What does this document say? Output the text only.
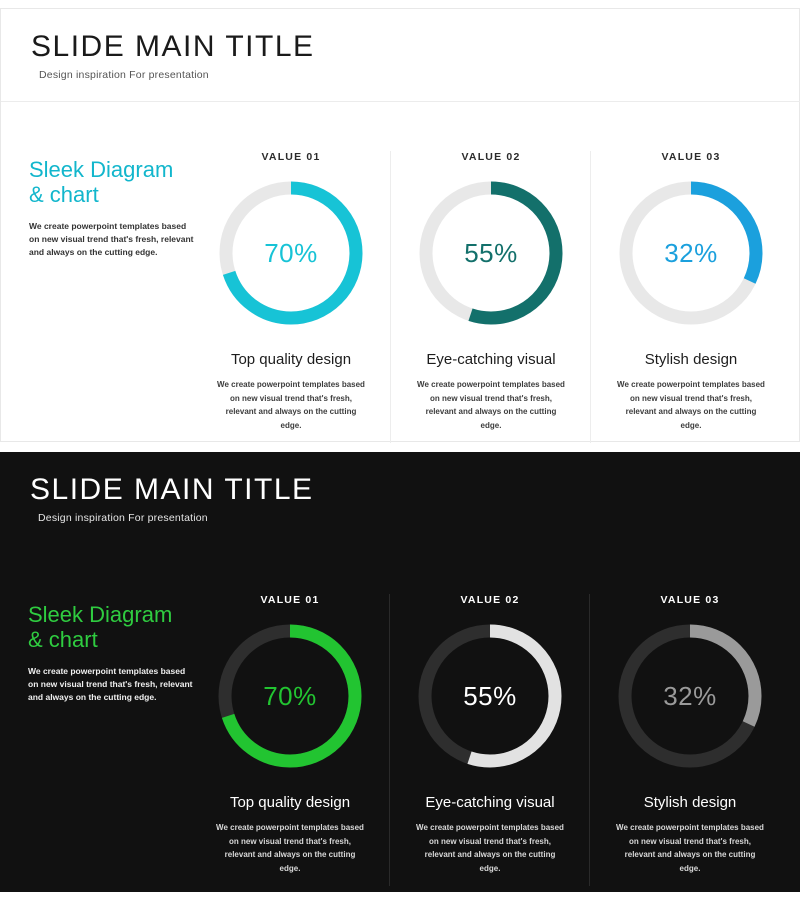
SLIDE MAIN TITLE
Design inspiration For presentation
Sleek Diagram & chart

We create powerpoint templates based on new visual trend that's fresh, relevant and always on the cutting edge.

VALUE 01
70%
Top quality design

We create powerpoint templates based on new visual trend that's fresh, relevant and always on the cutting edge.

VALUE 02
55%
Eye-catching visual

We create powerpoint templates based on new visual trend that's fresh, relevant and always on the cutting edge.

VALUE 03
32%
Stylish design

We create powerpoint templates based on new visual trend that's fresh, relevant and always on the cutting edge.

SLIDE MAIN TITLE
Design inspiration For presentation
Sleek Diagram & chart

We create powerpoint templates based on new visual trend that's fresh, relevant and always on the cutting edge.

VALUE 01
70%
Top quality design

We create powerpoint templates based on new visual trend that's fresh, relevant and always on the cutting edge.

VALUE 02
55%
Eye-catching visual

We create powerpoint templates based on new visual trend that's fresh, relevant and always on the cutting edge.

VALUE 03
32%
Stylish design

We create powerpoint templates based on new visual trend that's fresh, relevant and always on the cutting edge.
